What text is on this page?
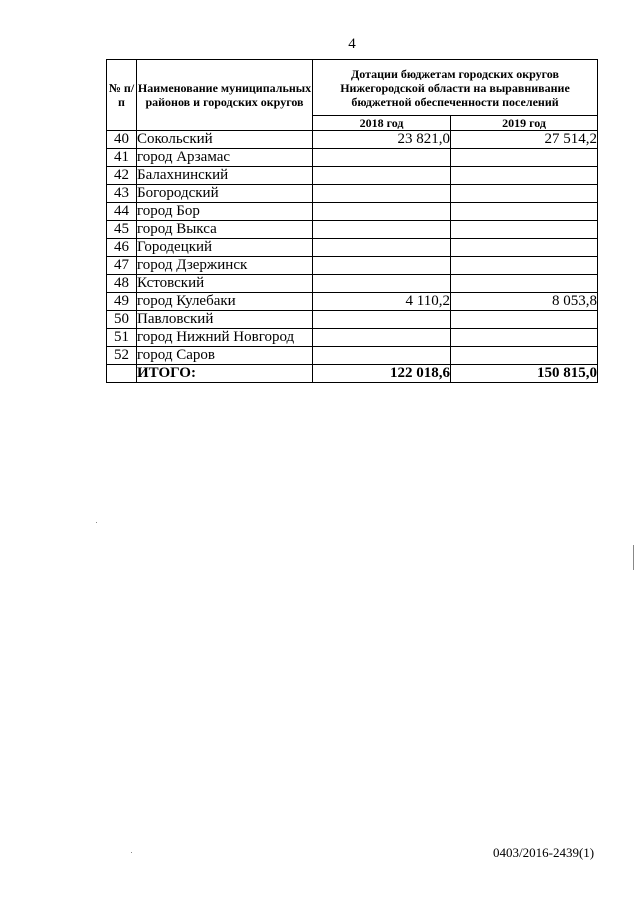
4
№ п/п	Наименование муниципальных районов и городских округов	Дотации бюджетам городских округов Нижегородской области на выравнивание бюджетной обеспеченности поселений	
		2018 год	2019 год
40	Сокольский	23 821,0	27 514,2
41	город Арзамас		
42	Балахнинский		
43	Богородский		
44	город Бор		
45	город Выкса		
46	Городецкий		
47	город Дзержинск		
48	Кстовский		
49	город Кулебаки	4 110,2	8 053,8
50	Павловский		
51	город Нижний Новгород		
52	город Саров		
	ИТОГО:	122 018,6	150 815,0
0403/2016-2439(1)
